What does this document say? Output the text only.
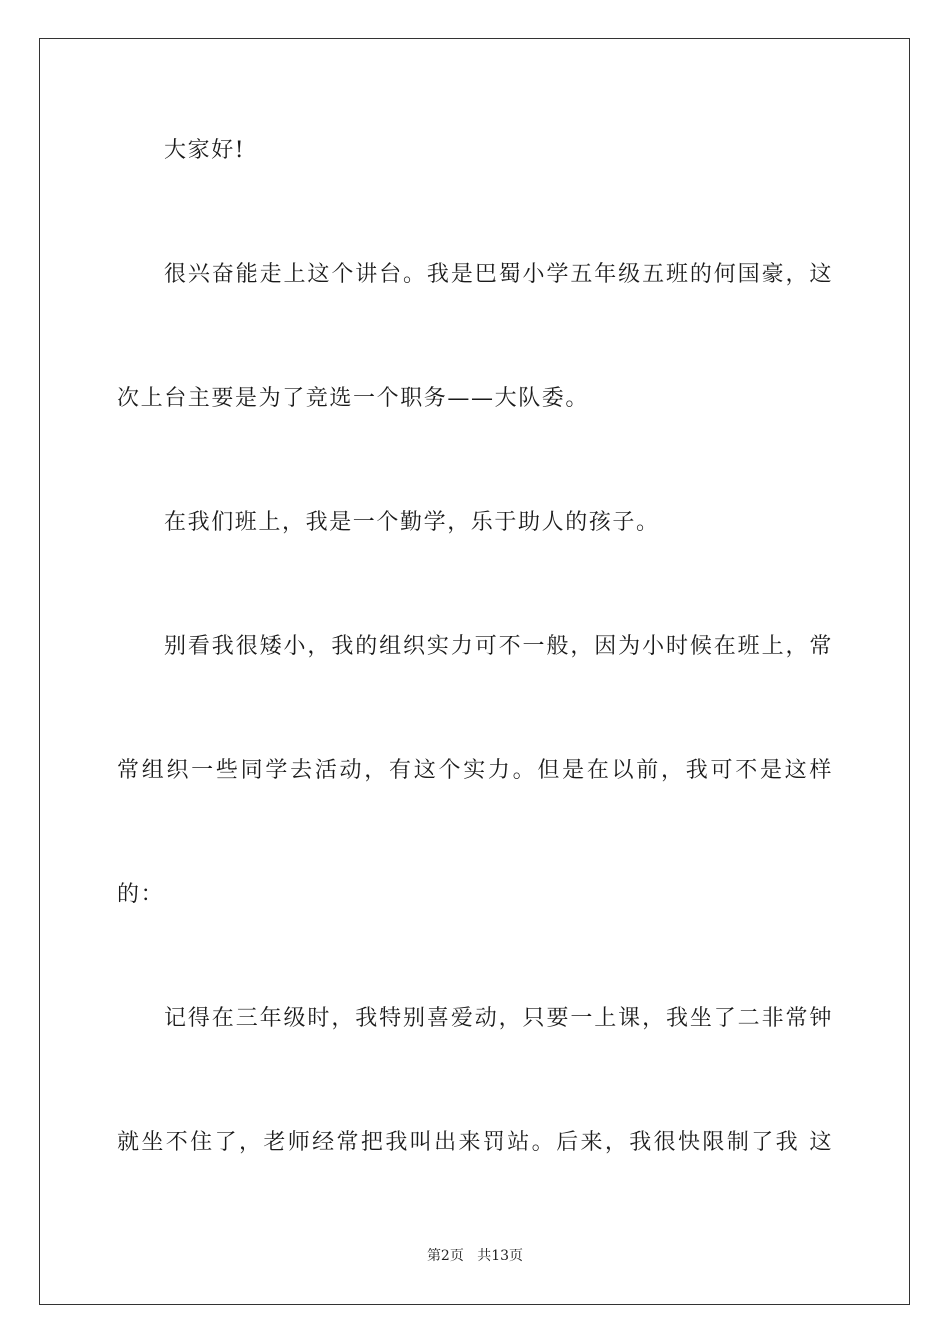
大家好!
很兴奋能走上这个讲台。我是巴蜀小学五年级五班的何国豪，这
次上台主要是为了竞选一个职务——大队委。
在我们班上，我是一个勤学，乐于助人的孩子。
别看我很矮小，我的组织实力可不一般，因为小时候在班上，常
常组织一些同学去活动，有这个实力。但是在以前，我可不是这样
的：
记得在三年级时，我特别喜爱动，只要一上课，我坐了二非常钟
就坐不住了，老师经常把我叫出来罚站。后来，我很快限制了我 这
第2页 共13页
